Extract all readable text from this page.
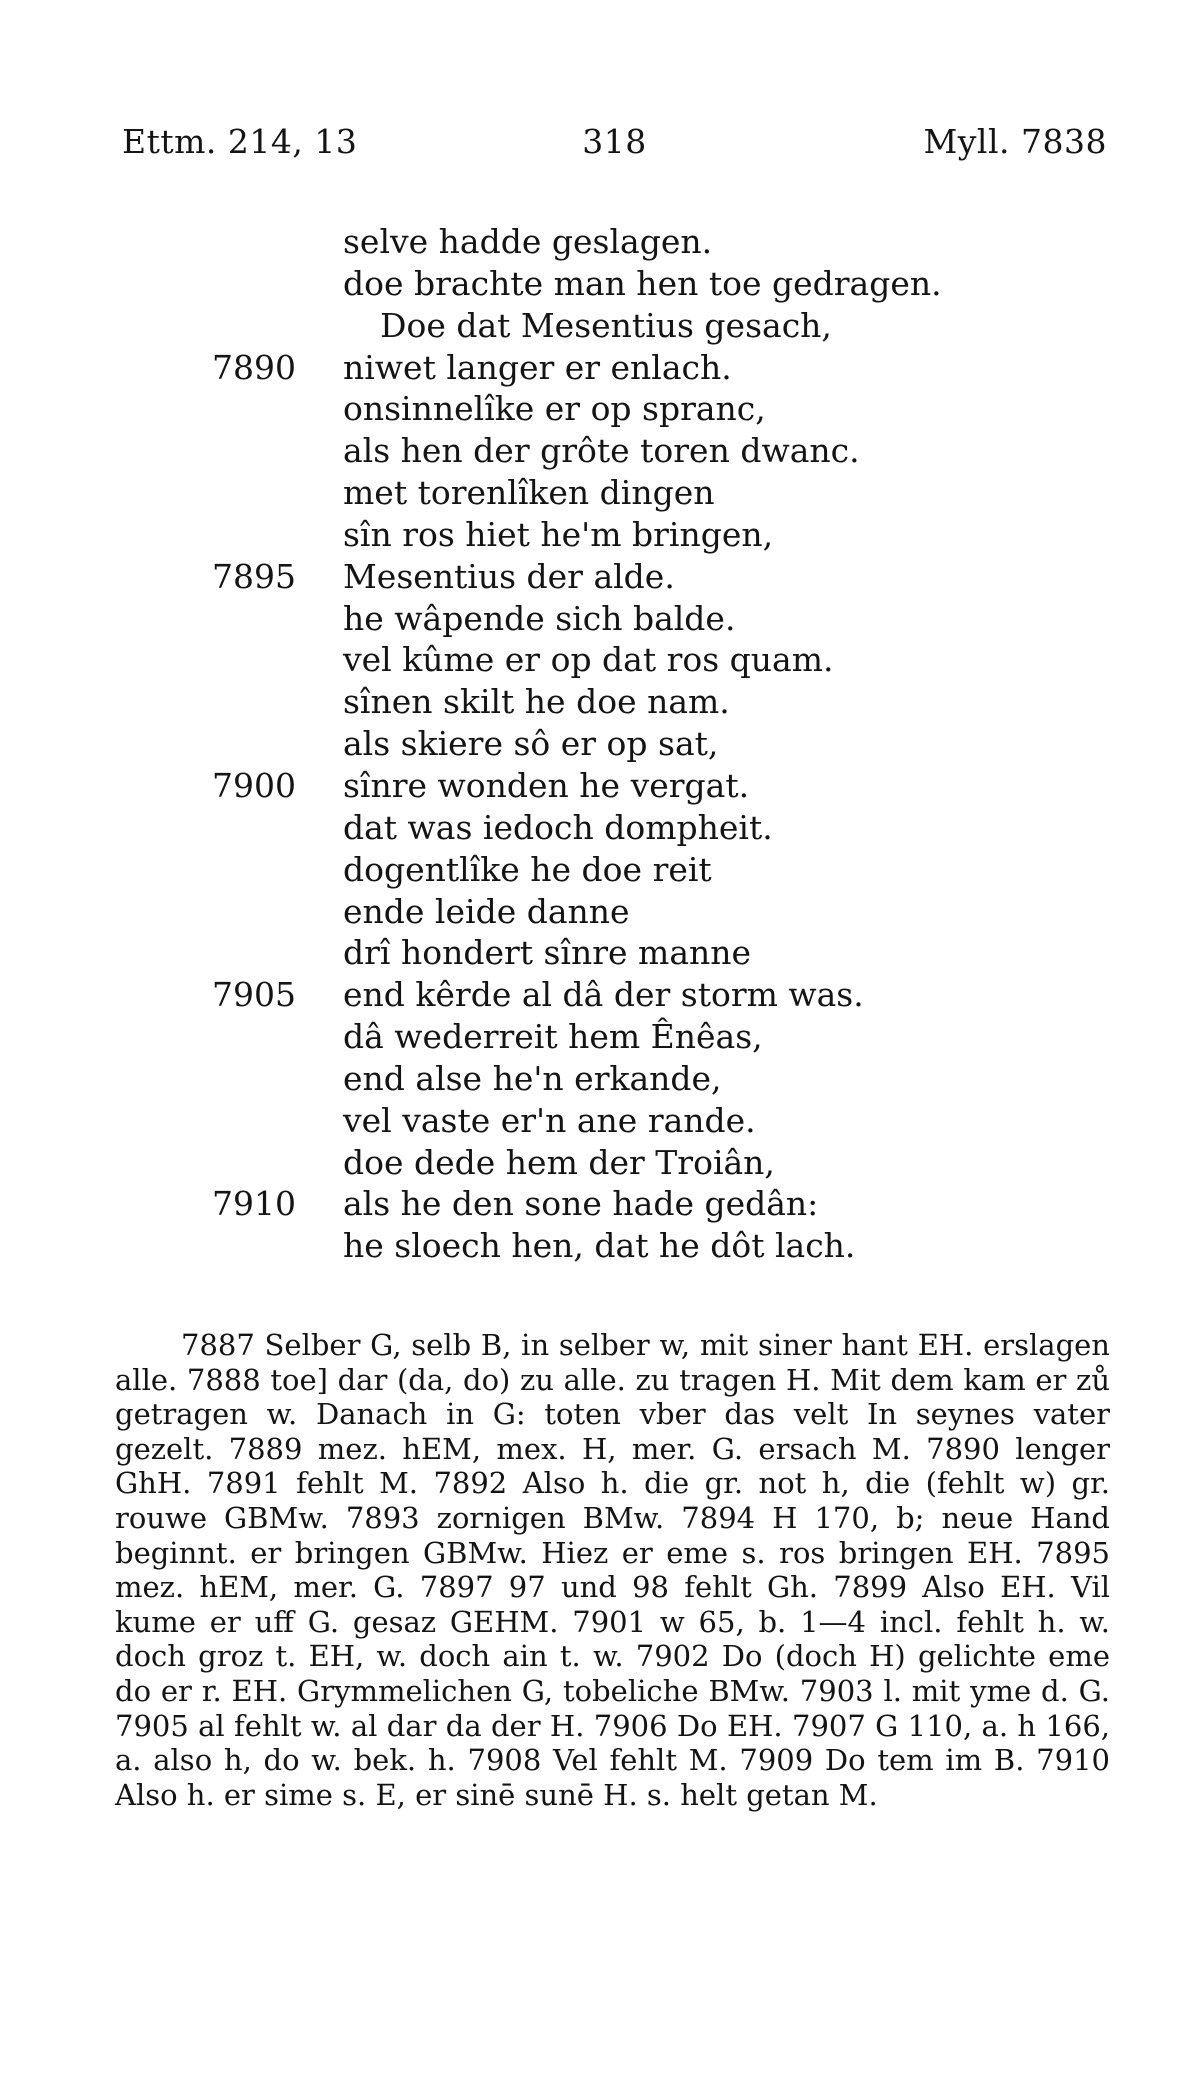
Ettm. 214, 13	318	Myll. 7838
selve hadde geslagen.
doe brachte man hen toe gedragen.
Doe dat Mesentius gesach,
7890 niwet langer er enlach.
onsinnelîke er op spranc,
als hen der grôte toren dwanc.
met torenlîken dingen
sîn ros hiet he'm bringen,
7895 Mesentius der alde.
he wâpende sich balde.
vel kûme er op dat ros quam.
sînen skilt he doe nam.
als skiere sô er op sat,
7900 sînre wonden he vergat.
dat was iedoch dompheit.
dogentlîke he doe reit
ende leide danne
drî hondert sînre manne
7905 end kêrde al dâ der storm was.
dâ wederreit hem Ênêas,
end alse he'n erkande,
vel vaste er'n ane rande.
doe dede hem der Troiân,
7910 als he den sone hade gedân:
he sloech hen, dat he dôt lach.

7887 Selber G, selb B, in selber w, mit siner hant EH. erslagen alle. 7888 toe] dar (da, do) zu alle. zu tragen H. Mit dem kam er zů getragen w. Danach in G: toten vber das velt In seynes vater gezelt. 7889 mez. hEM, mex. H, mer. G. ersach M. 7890 lenger GhH. 7891 fehlt M. 7892 Also h. die gr. not h, die (fehlt w) gr. rouwe GBMw. 7893 zornigen BMw. 7894 H 170, b; neue Hand beginnt. er bringen GBMw. Hiez er eme s. ros bringen EH. 7895 mez. hEM, mer. G. 7897 97 und 98 fehlt Gh. 7899 Also EH. Vil kume er uff G. gesaz GEHM. 7901 w 65, b. 1—4 incl. fehlt h. w. doch groz t. EH, w. doch ain t. w. 7902 Do (doch H) gelichte eme do er r. EH. Grymmelichen G, tobeliche BMw. 7903 l. mit yme d. G. 7905 al fehlt w. al dar da der H. 7906 Do EH. 7907 G 110, a. h 166, a. also h, do w. bek. h. 7908 Vel fehlt M. 7909 Do tem im B. 7910 Also h. er sime s. E, er sinē sunē H. s. helt getan M.
